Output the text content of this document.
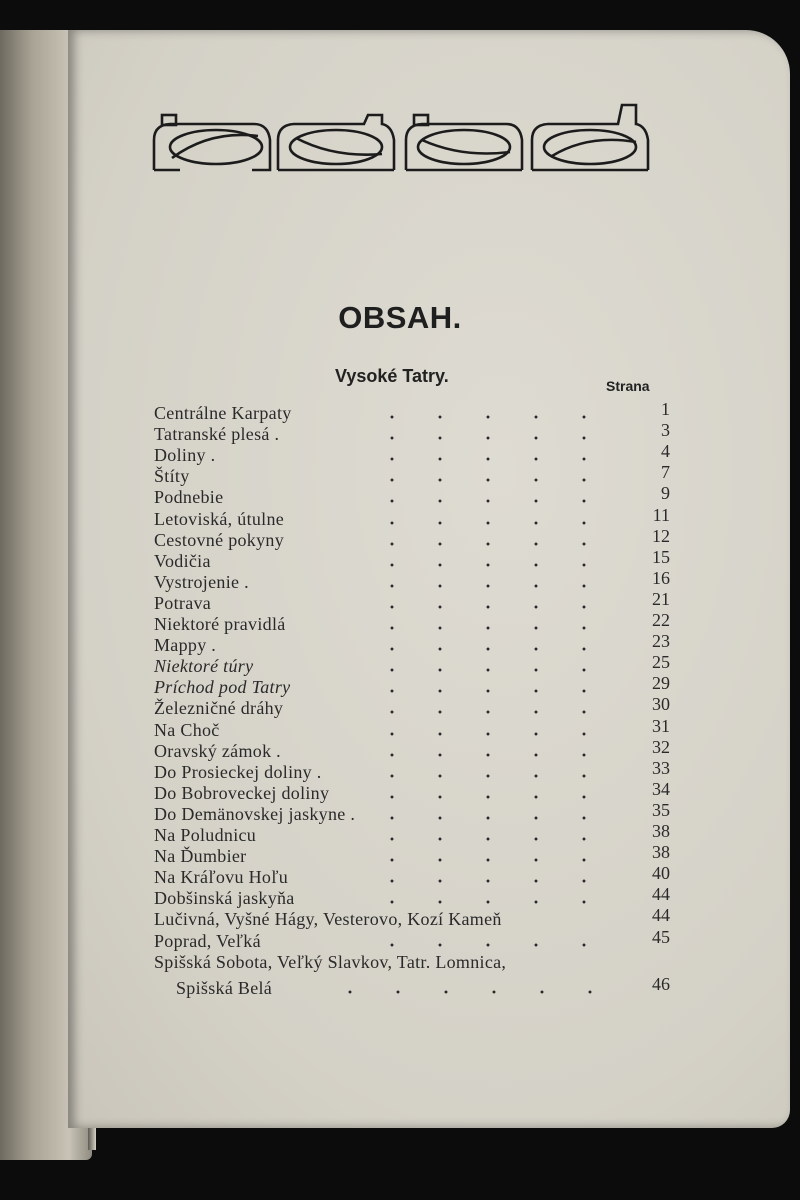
OBSAH.
Vysoké Tatry.	Strana
Centrálne Karpaty	1
Tatranské plesá .	3
Doliny .	4
Štíty	7
Podnebie	9
Letoviská, útulne	11
Cestovné pokyny	12
Vodičia	15
Vystrojenie .	16
Potrava	21
Niektoré pravidlá	22
Mappy .	23
Niektoré túry	25
Príchod pod Tatry	29
Železničné dráhy	30
Na Choč	31
Oravský zámok .	32
Do Prosieckej doliny .	33
Do Bobroveckej doliny	34
Do Demänovskej jaskyne .	35
Na Poludnicu	38
Na Ďumbier	38
Na Kráľovu Hoľu	40
Dobšinská jaskyňa	44
Lučivná, Vyšné Hágy, Vesterovo, Kozí Kameň	44
Poprad, Veľká	45
Spišská Sobota, Veľký Slavkov, Tatr. Lomnica,
Spišská Belá	46
